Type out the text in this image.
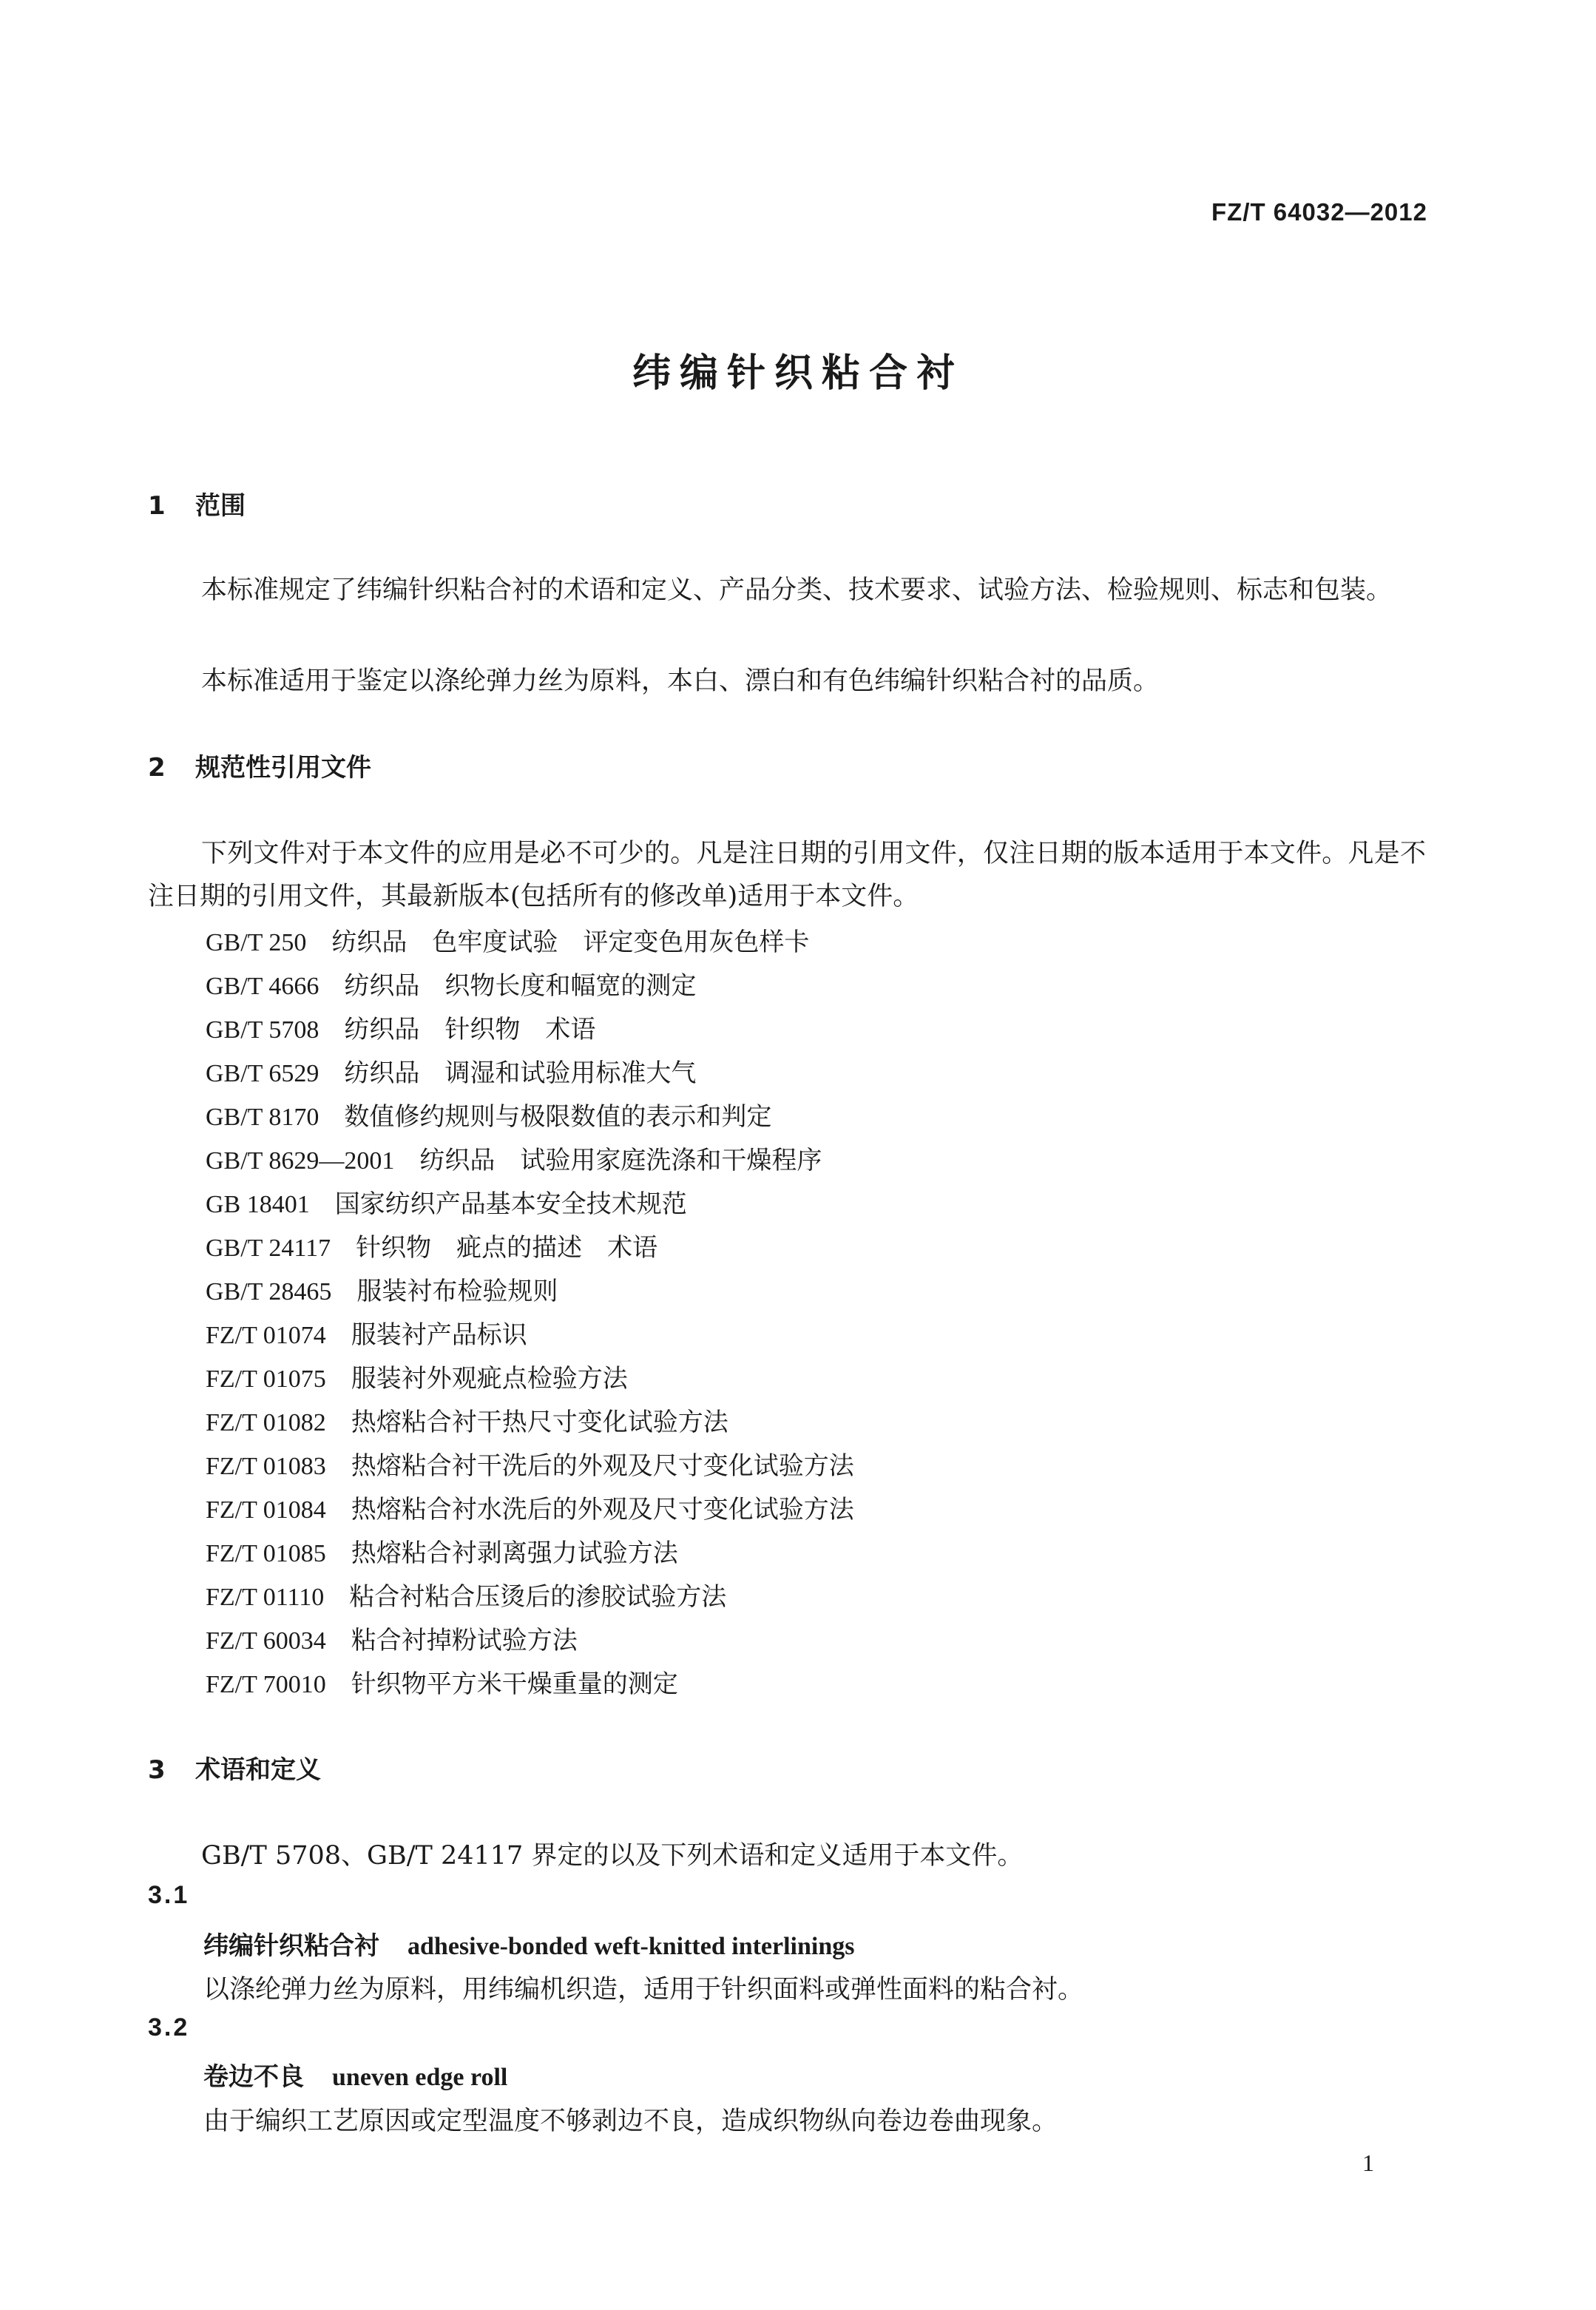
FZ/T 64032—2012
纬编针织粘合衬
1 范围
本标准规定了纬编针织粘合衬的术语和定义、产品分类、技术要求、试验方法、检验规则、标志和包装。
本标准适用于鉴定以涤纶弹力丝为原料，本白、漂白和有色纬编针织粘合衬的品质。
2 规范性引用文件
下列文件对于本文件的应用是必不可少的。凡是注日期的引用文件，仅注日期的版本适用于本文件。凡是不注日期的引用文件，其最新版本(包括所有的修改单)适用于本文件。
GB/T 250  纺织品　色牢度试验　评定变色用灰色样卡
GB/T 4666  纺织品　织物长度和幅宽的测定
GB/T 5708  纺织品　针织物　术语
GB/T 6529  纺织品　调湿和试验用标准大气
GB/T 8170  数值修约规则与极限数值的表示和判定
GB/T 8629—2001  纺织品　试验用家庭洗涤和干燥程序
GB 18401  国家纺织产品基本安全技术规范
GB/T 24117  针织物　疵点的描述　术语
GB/T 28465  服装衬布检验规则
FZ/T 01074  服装衬产品标识
FZ/T 01075  服装衬外观疵点检验方法
FZ/T 01082  热熔粘合衬干热尺寸变化试验方法
FZ/T 01083  热熔粘合衬干洗后的外观及尺寸变化试验方法
FZ/T 01084  热熔粘合衬水洗后的外观及尺寸变化试验方法
FZ/T 01085  热熔粘合衬剥离强力试验方法
FZ/T 01110  粘合衬粘合压烫后的渗胶试验方法
FZ/T 60034  粘合衬掉粉试验方法
FZ/T 70010  针织物平方米干燥重量的测定
3 术语和定义
GB/T 5708、GB/T 24117 界定的以及下列术语和定义适用于本文件。
3.1
纬编针织粘合衬 adhesive-bonded weft-knitted interlinings
以涤纶弹力丝为原料，用纬编机织造，适用于针织面料或弹性面料的粘合衬。
3.2
卷边不良 uneven edge roll
由于编织工艺原因或定型温度不够剥边不良，造成织物纵向卷边卷曲现象。
1
